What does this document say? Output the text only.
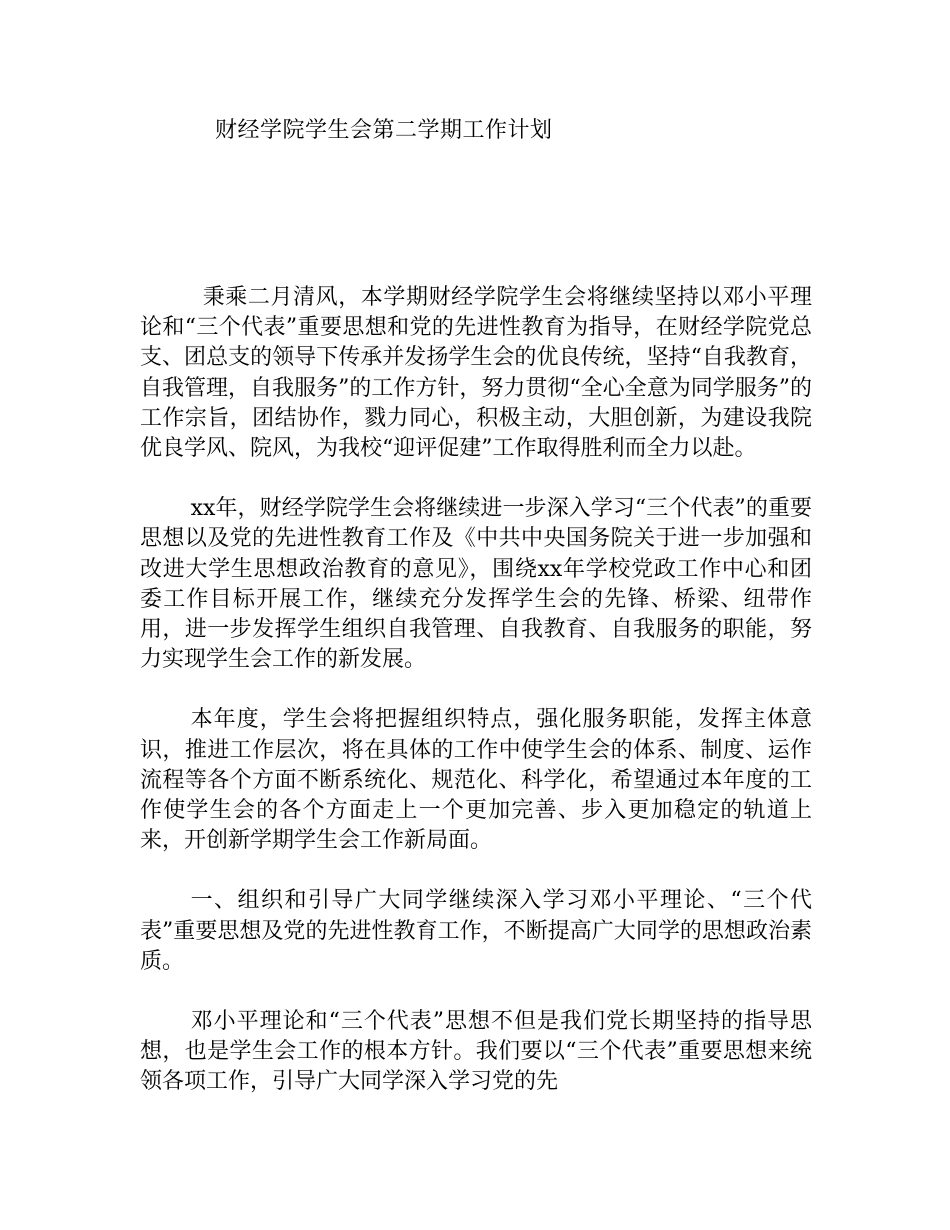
财经学院学生会第二学期工作计划

秉乘二月清风，本学期财经学院学生会将继续坚持以邓小平理论和“三个代表”重要思想和党的先进性教育为指导，在财经学院党总支、团总支的领导下传承并发扬学生会的优良传统，坚持“自我教育，自我管理，自我服务”的工作方针，努力贯彻“全心全意为同学服务”的工作宗旨，团结协作，戮力同心，积极主动，大胆创新，为建设我院优良学风、院风，为我校“迎评促建”工作取得胜利而全力以赴。

xx年，财经学院学生会将继续进一步深入学习“三个代表”的重要思想以及党的先进性教育工作及《中共中央国务院关于进一步加强和改进大学生思想政治教育的意见》，围绕xx年学校党政工作中心和团委工作目标开展工作，继续充分发挥学生会的先锋、桥梁、纽带作用，进一步发挥学生组织自我管理、自我教育、自我服务的职能，努力实现学生会工作的新发展。

本年度，学生会将把握组织特点，强化服务职能，发挥主体意识，推进工作层次，将在具体的工作中使学生会的体系、制度、运作流程等各个方面不断系统化、规范化、科学化，希望通过本年度的工作使学生会的各个方面走上一个更加完善、步入更加稳定的轨道上来，开创新学期学生会工作新局面。

一、组织和引导广大同学继续深入学习邓小平理论、“三个代表”重要思想及党的先进性教育工作，不断提高广大同学的思想政治素质。

邓小平理论和“三个代表”思想不但是我们党长期坚持的指导思想，也是学生会工作的根本方针。我们要以“三个代表”重要思想来统领各项工作，引导广大同学深入学习党的先
